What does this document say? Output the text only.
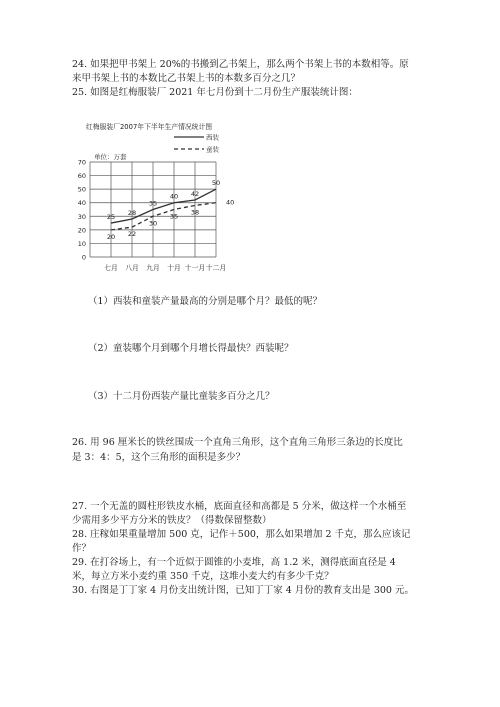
24. 如果把甲书架上 20%的书搬到乙书架上，那么两个书架上书的本数相等。原
来甲书架上书的本数比乙书架上书的本数多百分之几？
25. 如图是红梅服装厂 2021 年七月份到十二月份生产服装统计图：
红梅服装厂2007年下半年生产情况统计图
单位：万套
西装
童装
0
10
20
30
40
50
60
70
七月 八月 九月 十月 十一月 十二月
25
28
35
40 42
50
20 22
30
35
38
40
（1）西装和童装产量最高的分别是哪个月？最低的呢？
（2）童装哪个月到哪个月增长得最快？西装呢？
（3）十二月份西装产量比童装多百分之几？
26. 用 96 厘米长的铁丝围成一个直角三角形，这个直角三角形三条边的长度比
是 3：4：5，这个三角形的面积是多少？
27. 一个无盖的圆柱形铁皮水桶，底面直径和高都是 5 分米，做这样一个水桶至
少需用多少平方分米的铁皮？（得数保留整数）
28. 庄稼如果重量增加 500 克，记作＋500，那么如果增加 2 千克，那么应该记
作？
29. 在打谷场上，有一个近似于圆锥的小麦堆，高 1.2 米，测得底面直径是 4
米，每立方米小麦约重 350 千克，这堆小麦大约有多少千克？
30. 右图是丁丁家 4 月份支出统计图，已知丁丁家 4 月份的教育支出是 300 元。
